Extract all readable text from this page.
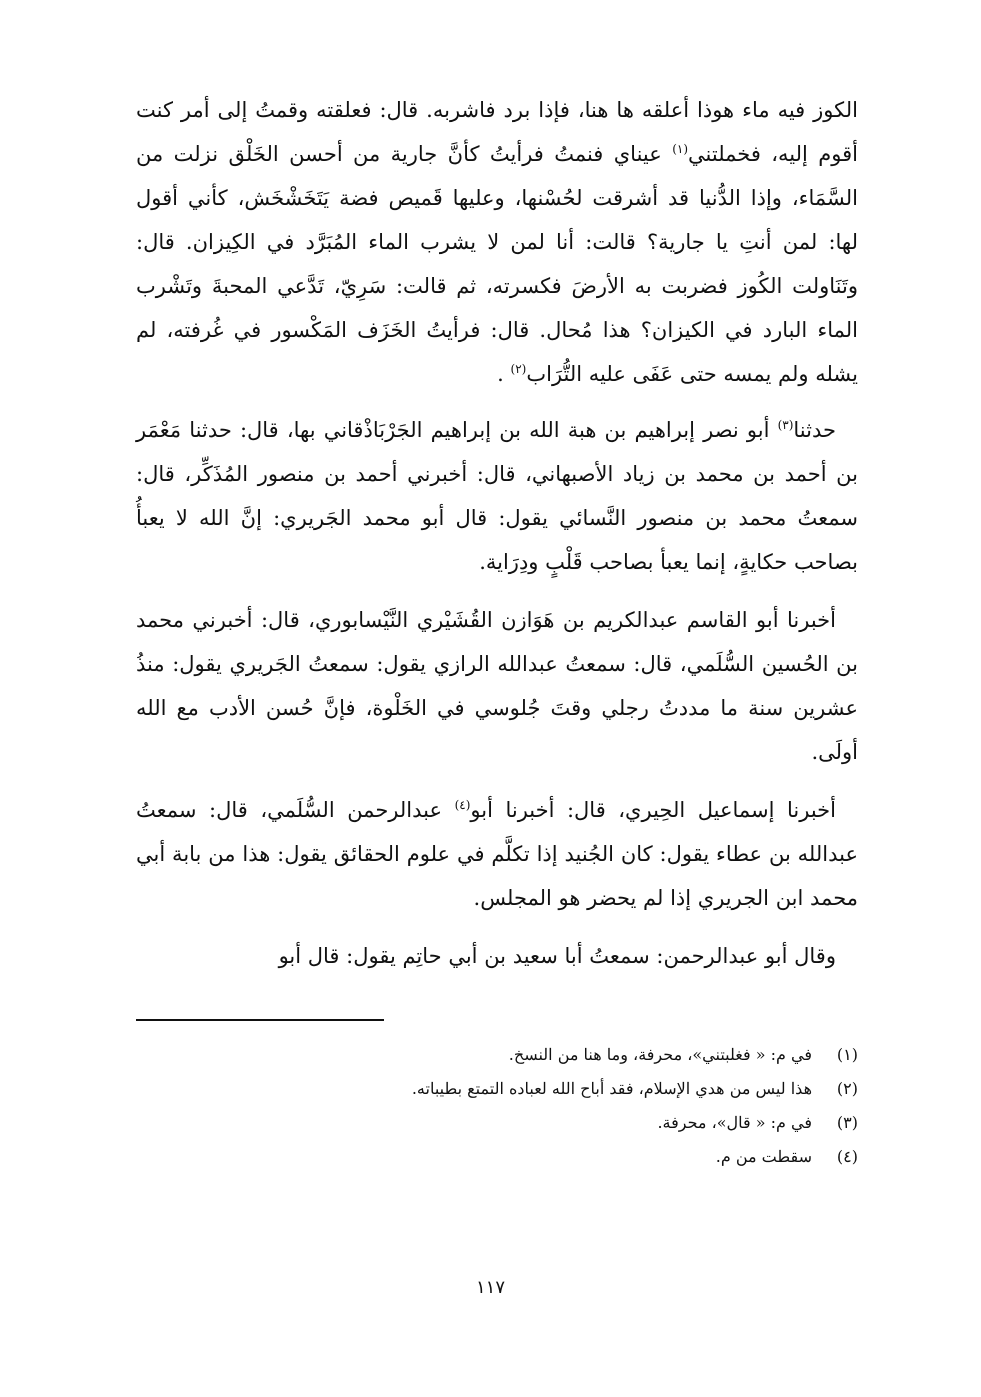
الكوز فيه ماء هوذا أعلقه ها هنا، فإذا برد فاشربه. قال: فعلقته وقمتُ إلى أمر كنت أقوم إليه، فخملتني$^{(١)}$ عيناي فنمتُ فرأيتُ كأنَّ جارية من أحسن الخَلْق نزلت من السَّمَاء، وإذا الدُّنيا قد أشرقت لحُسْنها، وعليها قَميص فضة يَتَخَشْخَش، كأني أقول لها: لمن أنتِ يا جارية؟ قالت: أنا لمن لا يشرب الماء المُبَرَّد في الكِيزان. قال: وتَنَاولت الكُوز فضربت به الأرضَ فكسرته، ثم قالت: سَرِيّ، تَدَّعي المحبةَ وتَشْرب الماء البارد في الكيزان؟ هذا مُحال. قال: فرأيتُ الخَزَف المَكْسور في غُرفته، لم يشله ولم يمسه حتى عَفَى عليه التُّرَاب$^{(٢)}$ .

حدثنا$^{(٣)}$ أبو نصر إبراهيم بن هبة الله بن إبراهيم الجَرْبَاذْقاني بها، قال: حدثنا مَعْمَر بن أحمد بن محمد بن زياد الأصبهاني، قال: أخبرني أحمد بن منصور المُذَكِّر، قال: سمعتُ محمد بن منصور النَّسائي يقول: قال أبو محمد الجَريري: إنَّ الله لا يعبأُ بصاحب حكايةٍ، إنما يعبأ بصاحب قَلْبٍ ودِرَاية.

أخبرنا أبو القاسم عبدالكريم بن هَوَازن القُشَيْري النَّيْسابوري، قال: أخبرني محمد بن الحُسين السُّلَمي، قال: سمعتُ عبدالله الرازي يقول: سمعتُ الجَريري يقول: منذُ عشرين سنة ما مددتُ رجلي وقتَ جُلوسي في الخَلْوة، فإنَّ حُسن الأدب مع الله أولَى.

أخبرنا إسماعيل الحِيري، قال: أخبرنا أبو$^{(٤)}$ عبدالرحمن السُّلَمي، قال: سمعتُ عبدالله بن عطاء يقول: كان الجُنيد إذا تكلَّم في علوم الحقائق يقول: هذا من بابة أبي محمد ابن الجريري إذا لم يحضر هو المجلس.

وقال أبو عبدالرحمن: سمعتُ أبا سعيد بن أبي حاتِم يقول: قال أبو

(١)
في م: « فغلبتني»، محرفة، وما هنا من النسخ.
(٢)
هذا ليس من هدي الإسلام، فقد أباح الله لعباده التمتع بطيباته.
(٣)
في م: « قال»، محرفة.
(٤)
سقطت من م.
١١٧
